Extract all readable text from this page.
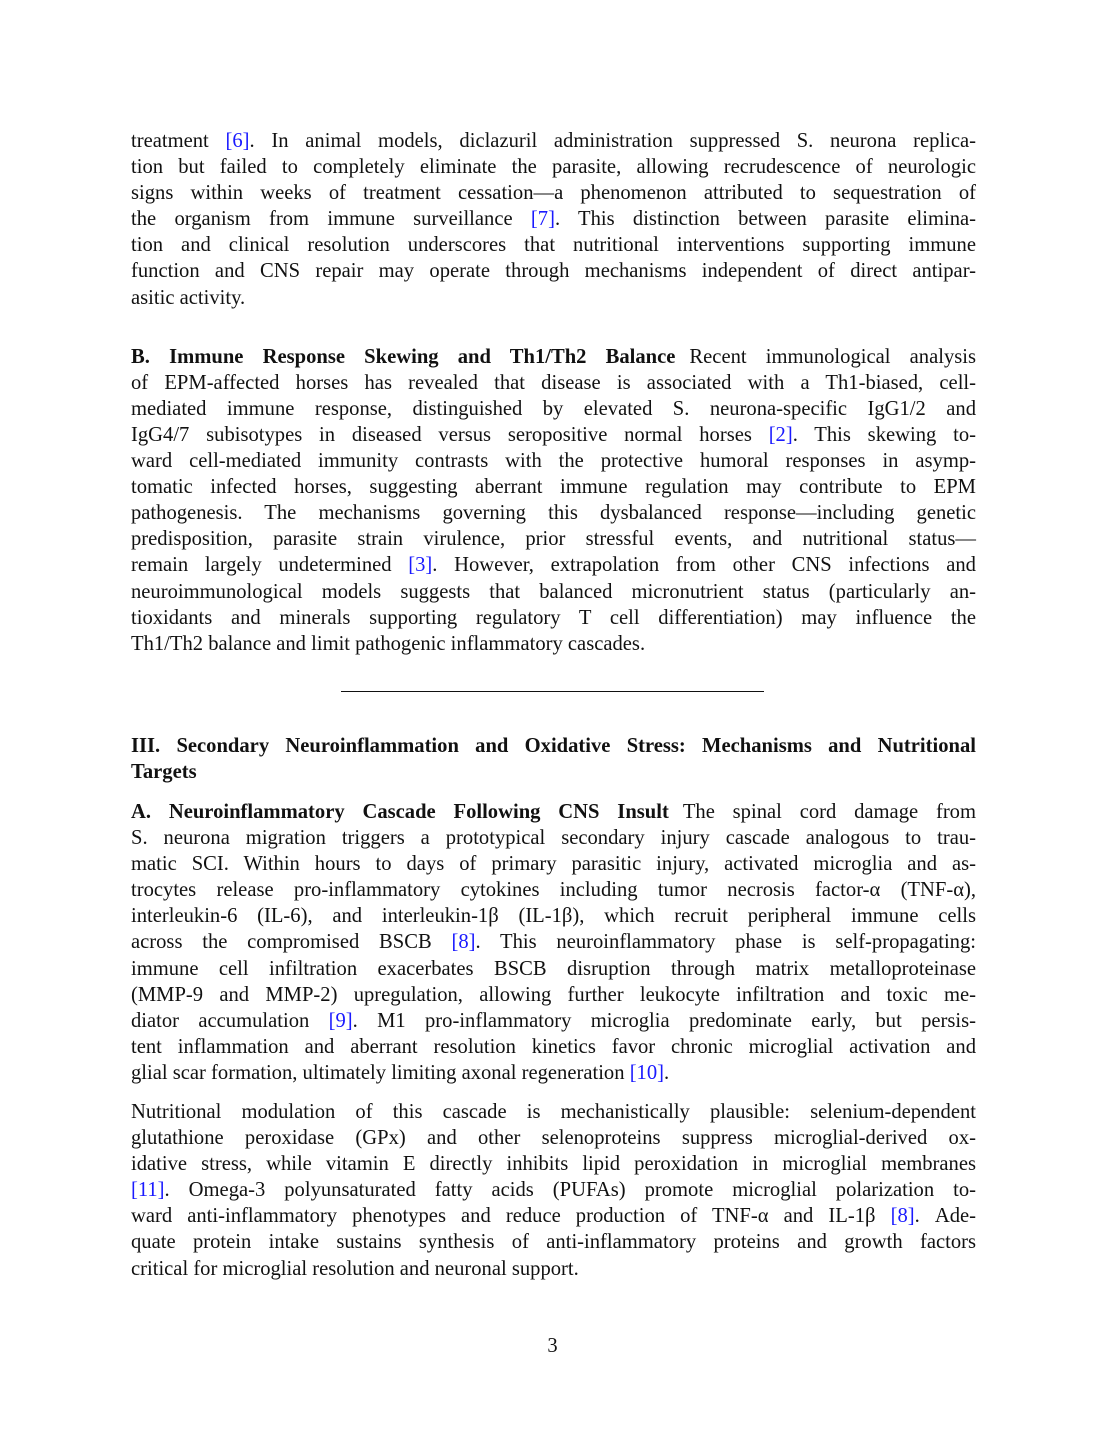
treatment [6]. In animal models, diclazuril administration suppressed S. neurona replica-
tion but failed to completely eliminate the parasite, allowing recrudescence of neurologic
signs within weeks of treatment cessation—a phenomenon attributed to sequestration of
the organism from immune surveillance [7]. This distinction between parasite elimina-
tion and clinical resolution underscores that nutritional interventions supporting immune
function and CNS repair may operate through mechanisms independent of direct antipar-
asitic activity.
B. Immune Response Skewing and Th1/Th2 Balance Recent immunological analysis
of EPM-affected horses has revealed that disease is associated with a Th1-biased, cell-
mediated immune response, distinguished by elevated S. neurona-specific IgG1/2 and
IgG4/7 subisotypes in diseased versus seropositive normal horses [2]. This skewing to-
ward cell-mediated immunity contrasts with the protective humoral responses in asymp-
tomatic infected horses, suggesting aberrant immune regulation may contribute to EPM
pathogenesis. The mechanisms governing this dysbalanced response—including genetic
predisposition, parasite strain virulence, prior stressful events, and nutritional status—
remain largely undetermined [3]. However, extrapolation from other CNS infections and
neuroimmunological models suggests that balanced micronutrient status (particularly an-
tioxidants and minerals supporting regulatory T cell differentiation) may influence the
Th1/Th2 balance and limit pathogenic inflammatory cascades.
III. Secondary Neuroinflammation and Oxidative Stress: Mechanisms and Nutritional
Targets
A. Neuroinflammatory Cascade Following CNS Insult The spinal cord damage from
S. neurona migration triggers a prototypical secondary injury cascade analogous to trau-
matic SCI. Within hours to days of primary parasitic injury, activated microglia and as-
trocytes release pro-inflammatory cytokines including tumor necrosis factor-α (TNF-α),
interleukin-6 (IL-6), and interleukin-1β (IL-1β), which recruit peripheral immune cells
across the compromised BSCB [8]. This neuroinflammatory phase is self-propagating:
immune cell infiltration exacerbates BSCB disruption through matrix metalloproteinase
(MMP-9 and MMP-2) upregulation, allowing further leukocyte infiltration and toxic me-
diator accumulation [9]. M1 pro-inflammatory microglia predominate early, but persis-
tent inflammation and aberrant resolution kinetics favor chronic microglial activation and
glial scar formation, ultimately limiting axonal regeneration [10].
Nutritional modulation of this cascade is mechanistically plausible: selenium-dependent
glutathione peroxidase (GPx) and other selenoproteins suppress microglial-derived ox-
idative stress, while vitamin E directly inhibits lipid peroxidation in microglial membranes
[11]. Omega-3 polyunsaturated fatty acids (PUFAs) promote microglial polarization to-
ward anti-inflammatory phenotypes and reduce production of TNF-α and IL-1β [8]. Ade-
quate protein intake sustains synthesis of anti-inflammatory proteins and growth factors
critical for microglial resolution and neuronal support.
3
